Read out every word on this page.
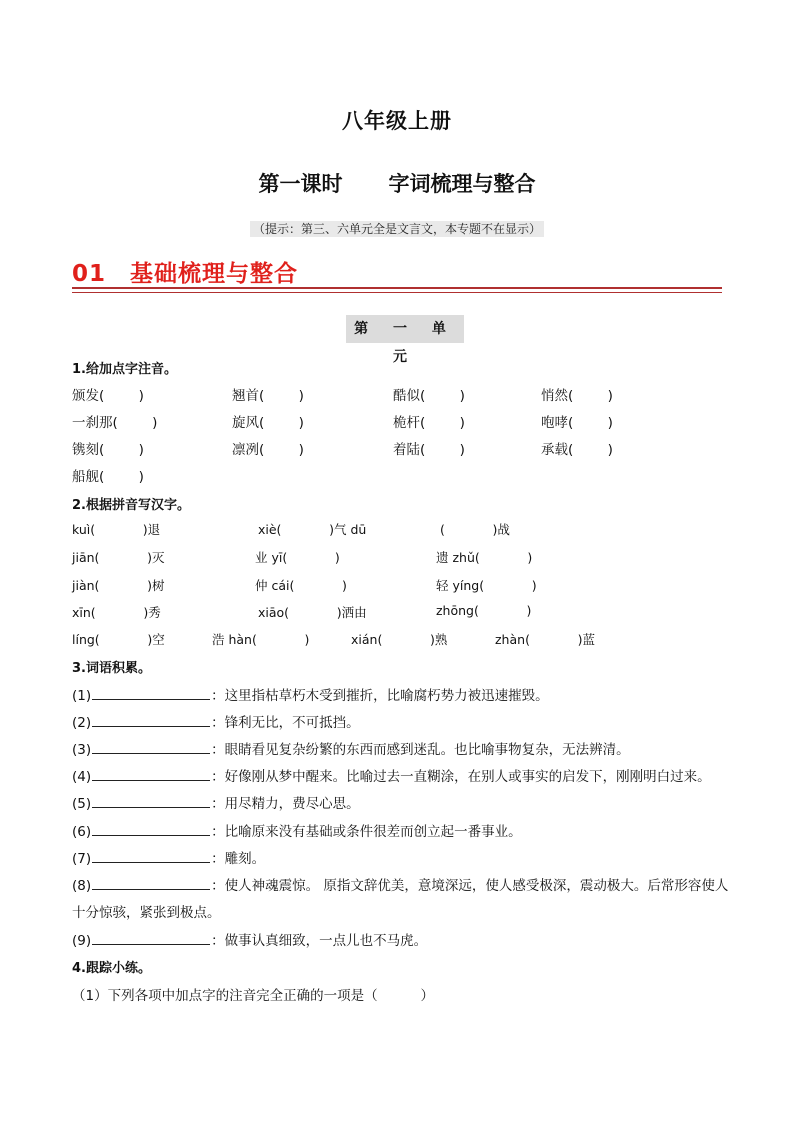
八年级上册
第一课时 字词梳理与整合
（提示：第三、六单元全是文言文，本专题不在显示）
01 基础梳理与整合
第 一 单 元
1.给加点字注音。
颁发(        )	翘首(        )	酷似(        )	悄然(        )
一刹那(        )	旋风(        )	桅杆(        )	咆哮(        )
镌刻(        )	凛冽(        )	着陆(        )	承载(        )
船舰(        )
2.根据拼音写汉字。
kuì(            )退	xiè(            )气 dū	(            )战
jiān(            )灭	业 yī(            )	遗 zhǔ(            )
jiàn(            )树	仲 cái(            )	轻 yíng(            )
xīn(            )秀	xiāo(            )洒由	zhōng(            )
líng(            )空	浩 hàn(            )	xián(            )熟	zhàn(            )蓝
3.词语积累。
(1)	：这里指枯草朽木受到摧折，比喻腐朽势力被迅速摧毁。
(2)	：锋利无比，不可抵挡。
(3)	：眼睛看见复杂纷繁的东西而感到迷乱。也比喻事物复杂，无法辨清。
(4)	：好像刚从梦中醒来。比喻过去一直糊涂，在别人或事实的启发下，刚刚明白过来。
(5)	：用尽精力，费尽心思。
(6)	：比喻原来没有基础或条件很差而创立起一番事业。
(7)	：雕刻。
(8)	：使人神魂震惊。 原指文辞优美，意境深远，使人感受极深，震动极大。后常形容使人
十分惊骇，紧张到极点。
(9)	：做事认真细致，一点儿也不马虎。
4.跟踪小练。
（1）下列各项中加点字的注音完全正确的一项是（          ）
